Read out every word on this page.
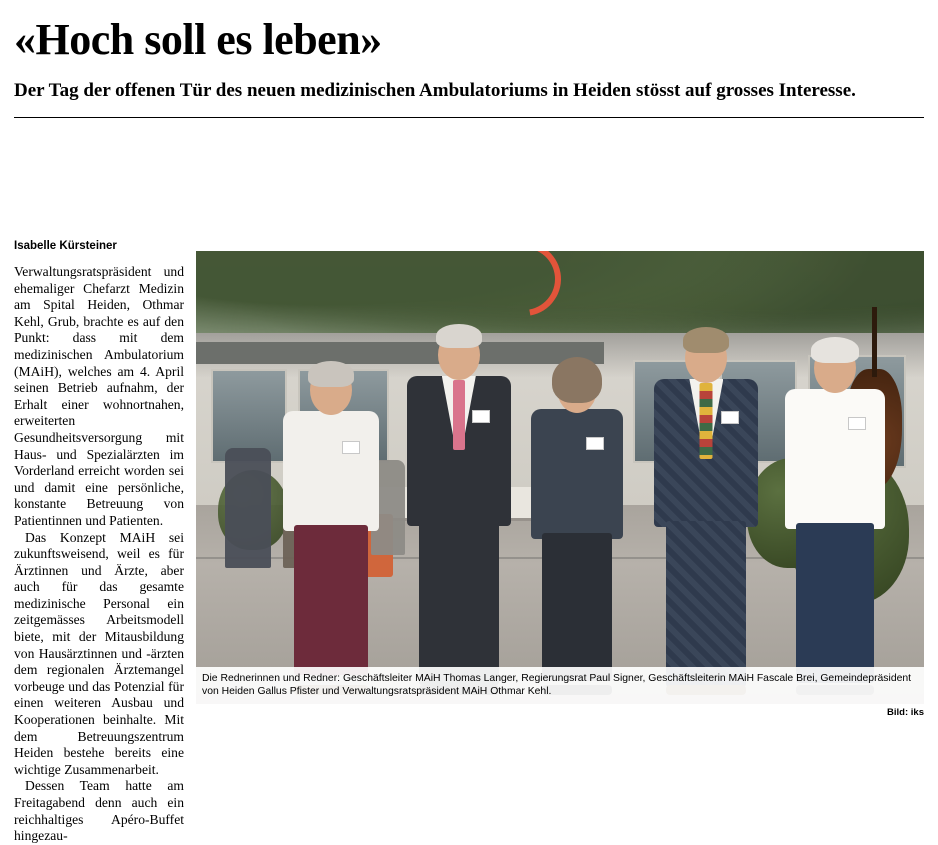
«Hoch soll es leben»
Der Tag der offenen Tür des neuen medizinischen Ambulatoriums in Heiden stösst auf grosses Interesse.
Isabelle Kürsteiner

Verwaltungsratspräsident und ehemaliger Chefarzt Medizin am Spital Heiden, Othmar Kehl, Grub, brachte es auf den Punkt: dass mit dem medizinischen Ambulatorium (MAiH), welches am 4. April seinen Betrieb aufnahm, der Erhalt einer wohnortnahen, erweiterten Gesundheitsversorgung mit Haus- und Spezialärzten im Vorderland erreicht worden sei und damit eine persönliche, konstante Betreuung von Patientinnen und Patienten.

Das Konzept MAiH sei zukunftsweisend, weil es für Ärztinnen und Ärzte, aber auch für das gesamte medizinische Personal ein zeitgemässes Arbeitsmodell biete, mit der Mitausbildung von Hausärztinnen und -ärzten dem regionalen Ärztemangel vorbeuge und das Potenzial für einen weiteren Ausbau und Kooperationen beinhalte. Mit dem Betreuungszentrum Heiden bestehe bereits eine wichtige Zusammenarbeit.

Dessen Team hatte am Freitagabend denn auch ein reichhaltiges Apéro-Buffet hingezau-

Die Rednerinnen und Redner: Geschäftsleiter MAiH Thomas Langer, Regierungsrat Paul Signer, Geschäftsleiterin MAiH Fascale Brei, Gemeindepräsident von Heiden Gallus Pfister und Verwaltungsratspräsident MAiH Othmar Kehl.
Bild: iks
